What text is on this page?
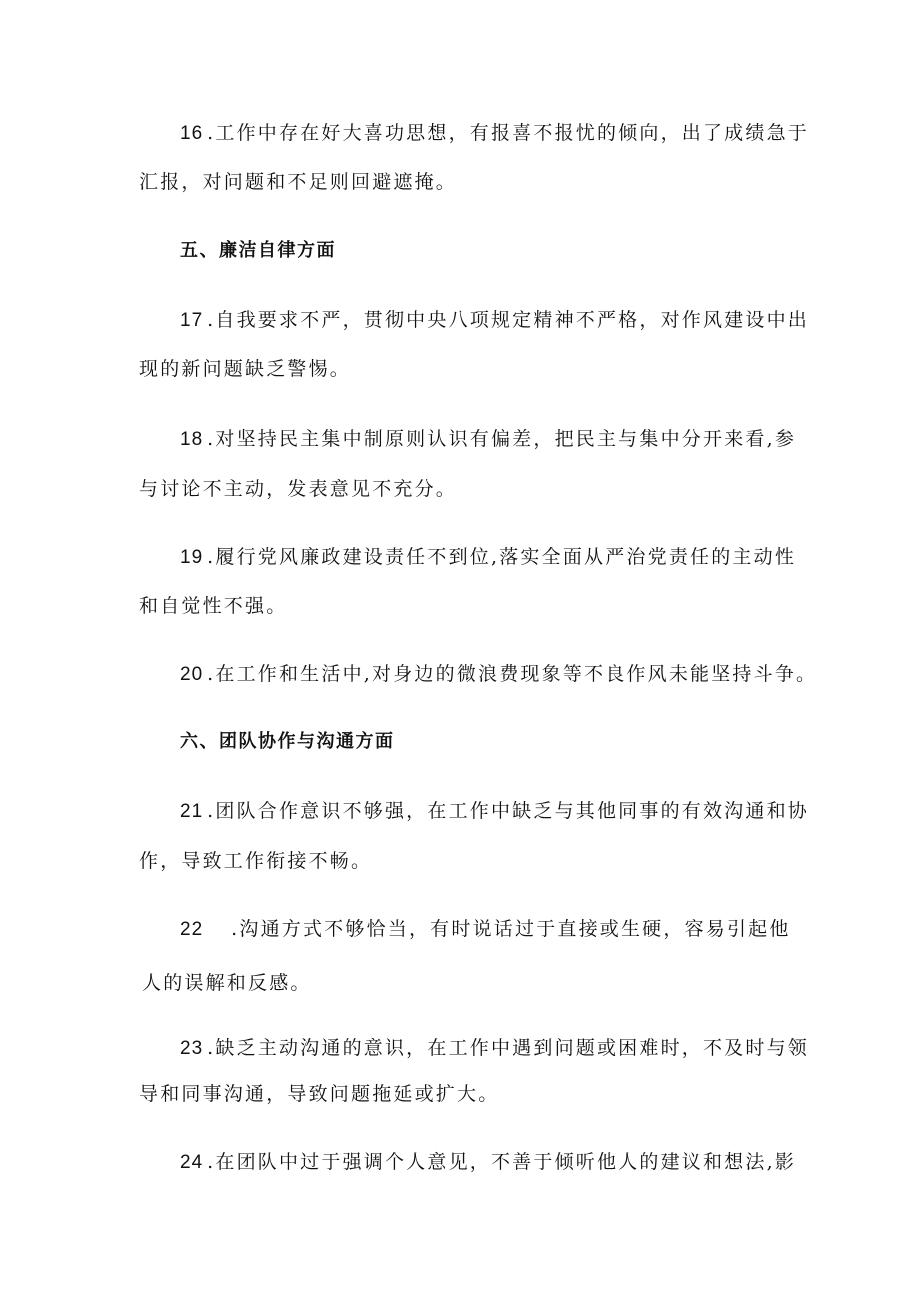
16 .工作中存在好大喜功思想，有报喜不报忧的倾向，出了成绩急于
汇报，对问题和不足则回避遮掩。
五、廉洁自律方面
17 .自我要求不严，贯彻中央八项规定精神不严格，对作风建设中出
现的新问题缺乏警惕。
18 .对坚持民主集中制原则认识有偏差，把民主与集中分开来看,参
与讨论不主动，发表意见不充分。
19 .履行党风廉政建设责任不到位,落实全面从严治党责任的主动性
和自觉性不强。
20 .在工作和生活中,对身边的微浪费现象等不良作风未能坚持斗争。
六、团队协作与沟通方面
21 .团队合作意识不够强，在工作中缺乏与其他同事的有效沟通和协
作，导致工作衔接不畅。
22 .沟通方式不够恰当，有时说话过于直接或生硬，容易引起他
人的误解和反感。
23 .缺乏主动沟通的意识，在工作中遇到问题或困难时，不及时与领
导和同事沟通，导致问题拖延或扩大。
24 .在团队中过于强调个人意见，不善于倾听他人的建议和想法,影
